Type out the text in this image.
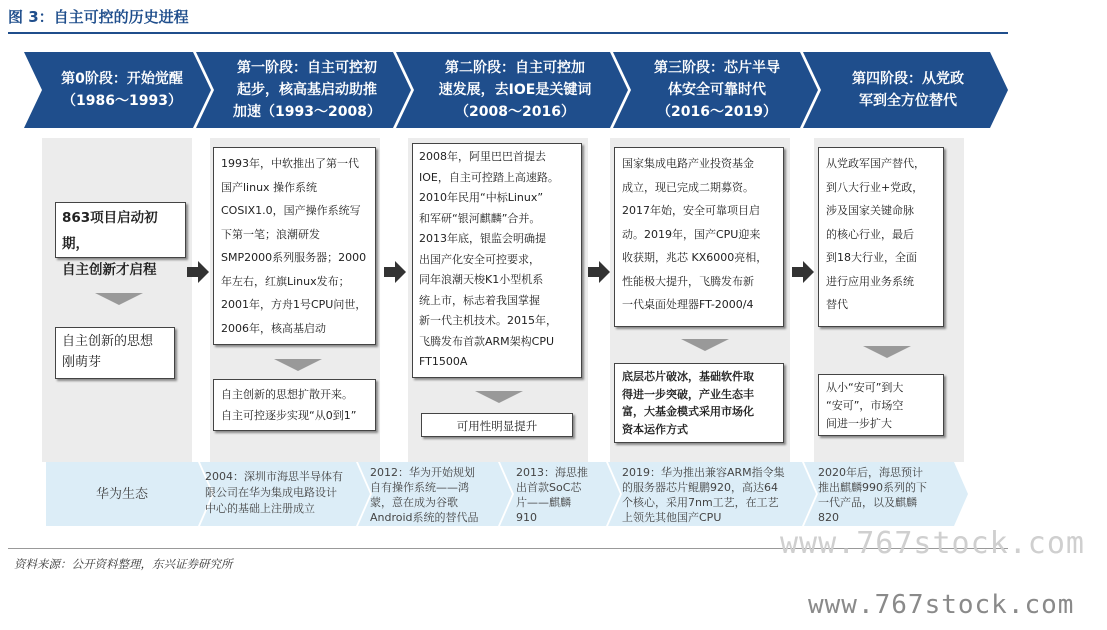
图 3：自主可控的历史进程
第0阶段：开始觉醒
（1986～1993）
第一阶段：自主可控初
起步，核高基启动助推
加速（1993～2008）
第二阶段：自主可控加
速发展，去IOE是关键词
（2008～2016）
第三阶段：芯片半导
体安全可靠时代
（2016～2019）
第四阶段：从党政
军到全方位替代
863项目启动初期，
自主创新才启程
自主创新的思想
刚萌芽
1993年，中软推出了第一代
国产linux 操作系统
COSIX1.0，国产操作系统写
下第一笔；浪潮研发
SMP2000系列服务器；2000
年左右，红旗Linux发布；
2001年，方舟1号CPU问世，
2006年，核高基启动
自主创新的思想扩散开来。
自主可控逐步实现“从0到1”
2008年，阿里巴巴首提去
IOE，自主可控踏上高速路。
2010年民用“中标Linux”
和军研“银河麒麟”合并。
2013年底，银监会明确提
出国产化安全可控要求，
同年浪潮天梭K1小型机系
统上市，标志着我国掌握
新一代主机技术。2015年，
飞腾发布首款ARM架构CPU
FT1500A
可用性明显提升
国家集成电路产业投资基金
成立，现已完成二期募资。
2017年始，安全可靠项目启
动。2019年，国产CPU迎来
收获期，兆芯 KX6000亮相，
性能极大提升，飞腾发布新
一代桌面处理器FT-2000/4
底层芯片破冰，基础软件取
得进一步突破，产业生态丰
富，大基金模式采用市场化
资本运作方式
从党政军国产替代，
到八大行业+党政，
涉及国家关键命脉
的核心行业，最后
到18大行业，全面
进行应用业务系统
替代
从小“安可”到大
“安可”，市场空
间进一步扩大
华为生态
2004：深圳市海思半导体有
限公司在华为集成电路设计
中心的基础上注册成立
2012：华为开始规划
自有操作系统——鸿
蒙，意在成为谷歌
Android系统的替代品
2013：海思推
出首款SoC芯
片——麒麟
910
2019：华为推出兼容ARM指令集
的服务器芯片鲲鹏920，高达64
个核心，采用7nm工艺，在工艺
上领先其他国产CPU
2020年后，海思预计
推出麒麟990系列的下
一代产品，以及麒麟
820
资料来源：公开资料整理，东兴证券研究所
www.767stock.com
www.767stock.com
